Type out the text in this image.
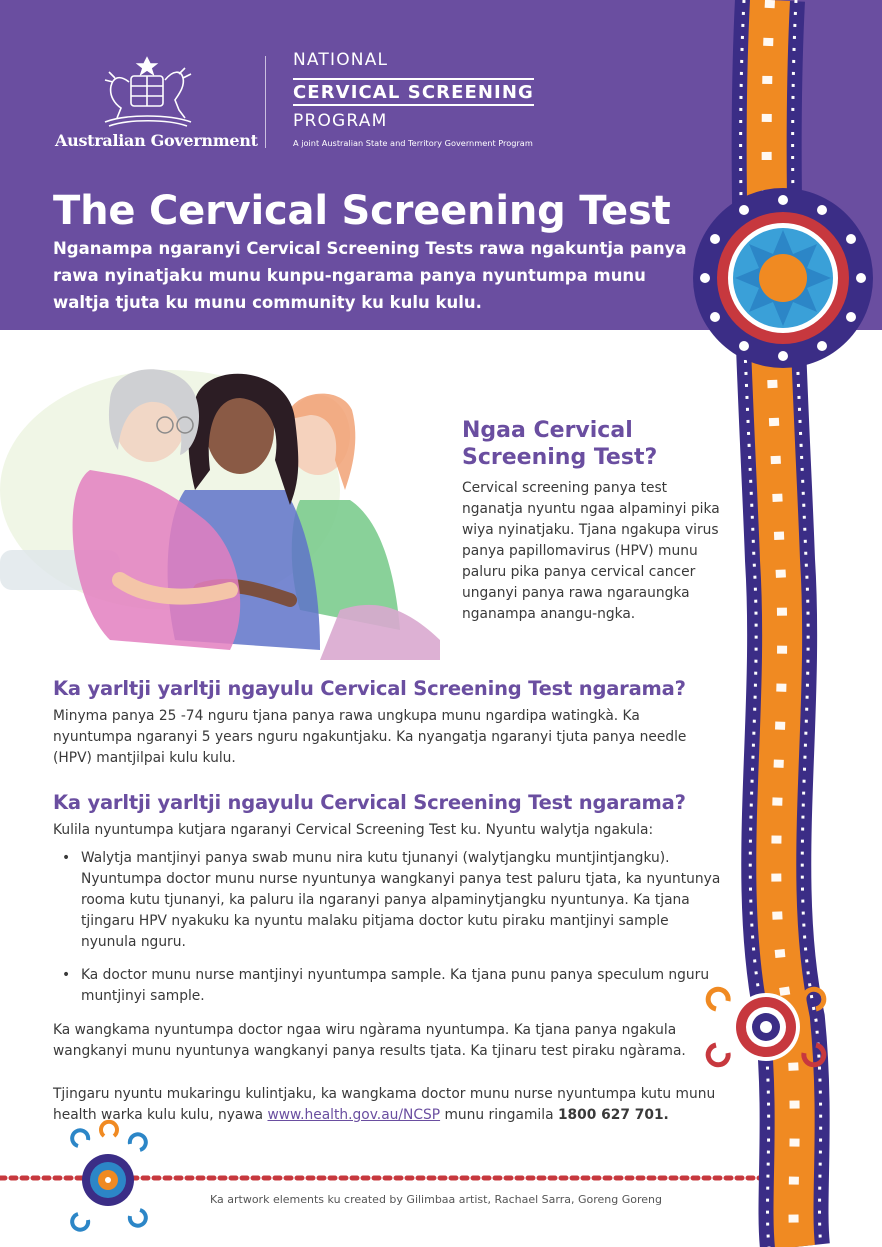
Australian Government
NATIONAL
CERVICAL SCREENING
PROGRAM
A joint Australian State and Territory Government Program
The Cervical Screening Test

Nganampa ngaranyi Cervical Screening Tests rawa ngakuntja panya rawa nyinatjaku munu kunpu-ngarama panya nyuntumpa munu waltja tjuta ku munu community ku kulu kulu.

Ngaa Cervical Screening Test?

Cervical screening panya test nganatja nyuntu ngaa alpaminyi pika wiya nyinatjaku. Tjana ngakupa virus panya papillomavirus (HPV) munu paluru pika panya cervical cancer unganyi panya rawa ngaraungka nganampa anangu-ngka.

Ka yarltji yarltji ngayulu Cervical Screening Test ngarama?

Minyma panya 25 -74 nguru tjana panya rawa ungkupa munu ngardipa watingkà. Ka nyuntumpa ngaranyi 5 years nguru ngakuntjaku. Ka nyangatja ngaranyi tjuta panya needle (HPV) mantjilpai kulu kulu.

Ka yarltji yarltji ngayulu Cervical Screening Test ngarama?

Kulila nyuntumpa kutjara ngaranyi Cervical Screening Test ku. Nyuntu walytja ngakula:

• Walytja mantjinyi panya swab munu nira kutu tjunanyi (walytjangku muntjintjangku). Nyuntumpa doctor munu nurse nyuntunya wangkanyi panya test paluru tjata, ka nyuntunya rooma kutu tjunanyi, ka paluru ila ngaranyi panya alpaminytjangku nyuntunya. Ka tjana tjingaru HPV nyakuku ka nyuntu malaku pitjama doctor kutu piraku mantjinyi sample nyunula nguru.
• Ka doctor munu nurse mantjinyi nyuntumpa sample. Ka tjana punu panya speculum nguru muntjinyi sample.

Ka wangkama nyuntumpa doctor ngaa wiru ngàrama nyuntumpa. Ka tjana panya ngakula wangkanyi munu nyuntunya wangkanyi panya results tjata. Ka tjinaru test piraku ngàrama.

Tjingaru nyuntu mukaringu kulintjaku, ka wangkama doctor munu nurse nyuntumpa kutu munu health warka kulu kulu, nyawa www.health.gov.au/NCSP munu ringamila 1800 627 701.

Ka artwork elements ku created by Gilimbaa artist, Rachael Sarra, Goreng Goreng
